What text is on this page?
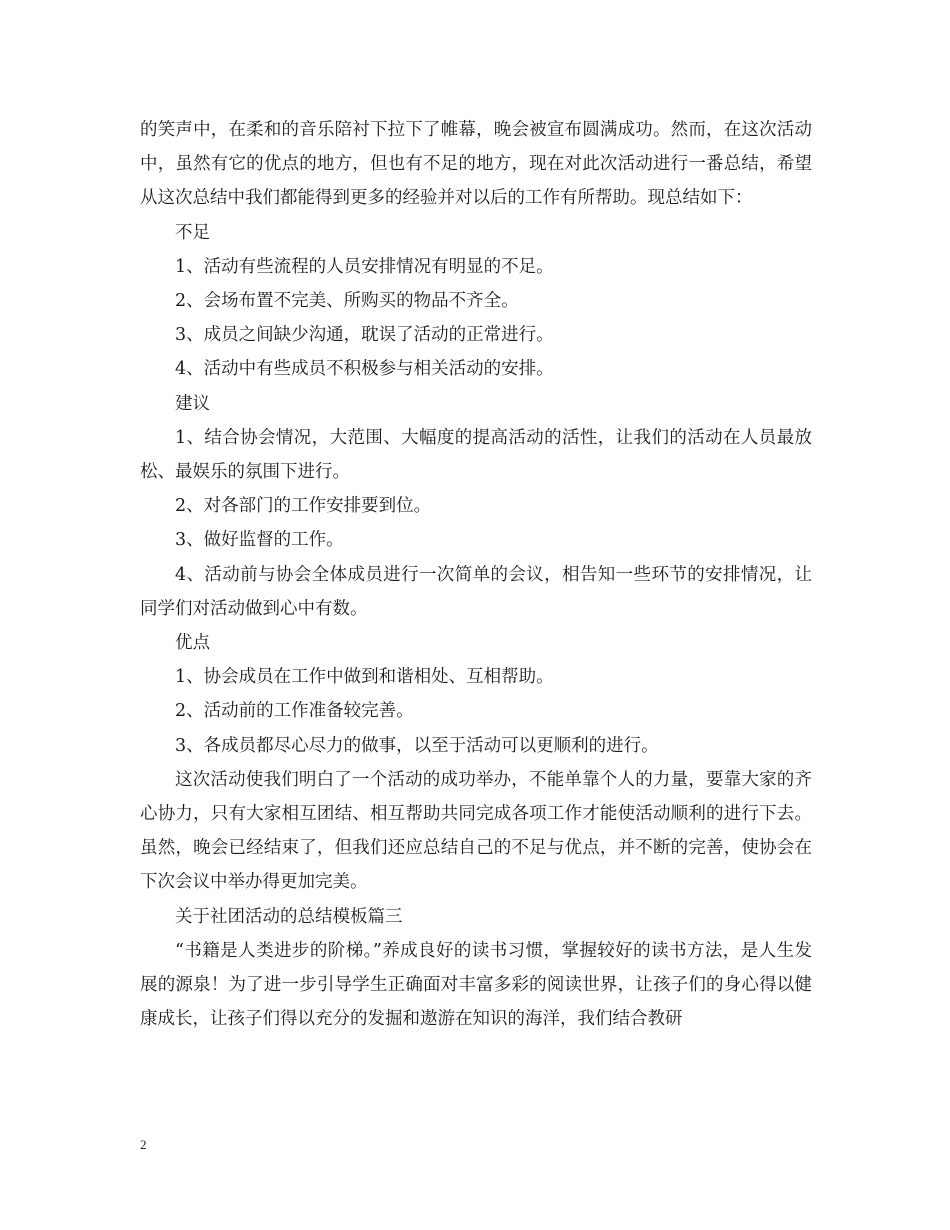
的笑声中，在柔和的音乐陪衬下拉下了帷幕，晚会被宣布圆满成功。然而，在这次活动中，虽然有它的优点的地方，但也有不足的地方，现在对此次活动进行一番总结，希望从这次总结中我们都能得到更多的经验并对以后的工作有所帮助。现总结如下：

不足

1、活动有些流程的人员安排情况有明显的不足。

2、会场布置不完美、所购买的物品不齐全。

3、成员之间缺少沟通，耽误了活动的正常进行。

4、活动中有些成员不积极参与相关活动的安排。

建议

1、结合协会情况，大范围、大幅度的提高活动的活性，让我们的活动在人员最放松、最娱乐的氛围下进行。

2、对各部门的工作安排要到位。

3、做好监督的工作。

4、活动前与协会全体成员进行一次简单的会议，相告知一些环节的安排情况，让同学们对活动做到心中有数。

优点

1、协会成员在工作中做到和谐相处、互相帮助。

2、活动前的工作准备较完善。

3、各成员都尽心尽力的做事，以至于活动可以更顺利的进行。

这次活动使我们明白了一个活动的成功举办，不能单靠个人的力量，要靠大家的齐心协力，只有大家相互团结、相互帮助共同完成各项工作才能使活动顺利的进行下去。虽然，晚会已经结束了，但我们还应总结自己的不足与优点，并不断的完善，使协会在下次会议中举办得更加完美。

关于社团活动的总结模板篇三

“书籍是人类进步的阶梯。”养成良好的读书习惯，掌握较好的读书方法，是人生发展的源泉！为了进一步引导学生正确面对丰富多彩的阅读世界，让孩子们的身心得以健康成长，让孩子们得以充分的发掘和遨游在知识的海洋，我们结合教研

2
